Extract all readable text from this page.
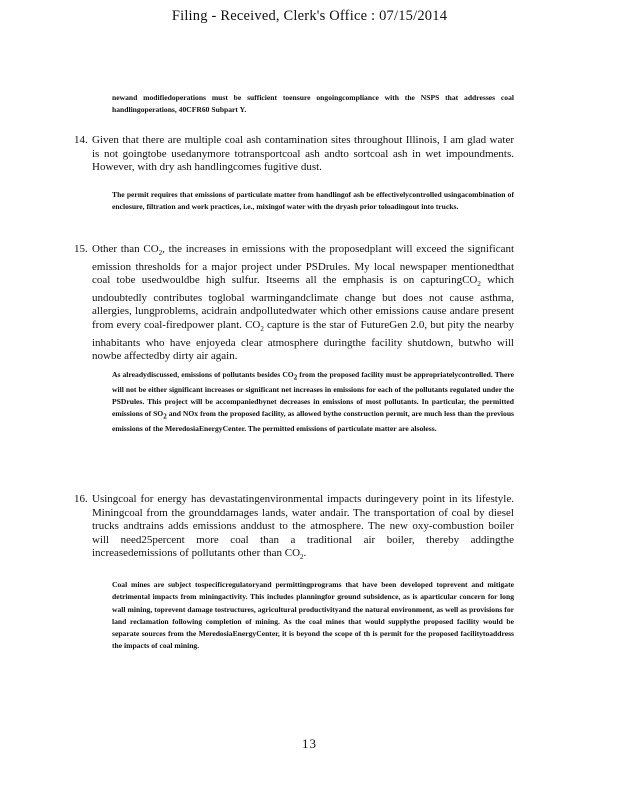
Filing - Received, Clerk's Office : 07/15/2014

newand modifiedoperations must be sufficient toensure ongoingcompliance with the NSPS that addresses coal handlingoperations, 40CFR60 Subpart Y.

14. Given that there are multiple coal ash contamination sites throughout Illinois, I am glad water is not goingtobe usedanymore totransportcoal ash andto sortcoal ash in wet impoundments. However, with dry ash handlingcomes fugitive dust.

The permit requires that emissions of particulate matter from handlingof ash be effectivelycontrolled usingacombination of enclosure, filtration and work practices, i.e., mixingof water with the dryash prior toloadingout into trucks.

15. Other than $CO_2$, the increases in emissions with the proposedplant will exceed the significant emission thresholds for a major project under PSDrules. My local newspaper mentionedthat coal tobe usedwouldbe high sulfur. Itseems all the emphasis is on capturingCO$_2$ which undoubtedly contributes toglobal warmingandclimate change but does not cause asthma, allergies, lungproblems, acidrain andpollutedwater which other emissions cause andare present from every coal-firedpower plant. $CO_2$ capture is the star of FutureGen 2.0, but pity the nearby inhabitants who have enjoyeda clear atmosphere duringthe facility shutdown, butwho will nowbe affectedby dirty air again.

As alreadydiscussed, emissions of pollutants besides $CO_2$ from the proposed facility must be appropriatelycontrolled. There will not be either significant increases or significant net increases in emissions for each of the pollutants regulated under the PSDrules. This project will be accompaniedbynet decreases in emissions of most pollutants. In particular, the permitted emissions of $SO_2$ and NOx from the proposed facility, as allowed bythe construction permit, are much less than the previous emissions of the MeredosiaEnergyCenter. The permitted emissions of particulate matter are alsoless.

16. Usingcoal for energy has devastatingenvironmental impacts duringevery point in its lifestyle. Miningcoal from the grounddamages lands, water andair. The transportation of coal by diesel trucks andtrains adds emissions anddust to the atmosphere. The new oxy-combustion boiler will need25percent more coal than a traditional air boiler, thereby addingthe increasedemissions of pollutants other than $CO_2$.

Coal mines are subject tospecificregulatoryand permittingprograms that have been developed toprevent and mitigate detrimental impacts from miningactivity. This includes planningfor ground subsidence, as is aparticular concern for long wall mining, toprevent damage tostructures, agricultural productivityand the natural environment, as well as provisions for land reclamation following completion of mining. As the coal mines that would supplythe proposed facility would be separate sources from the MeredosiaEnergyCenter, it is beyond the scope of th is permit for the proposed facilitytoaddress the impacts of coal mining.

13
